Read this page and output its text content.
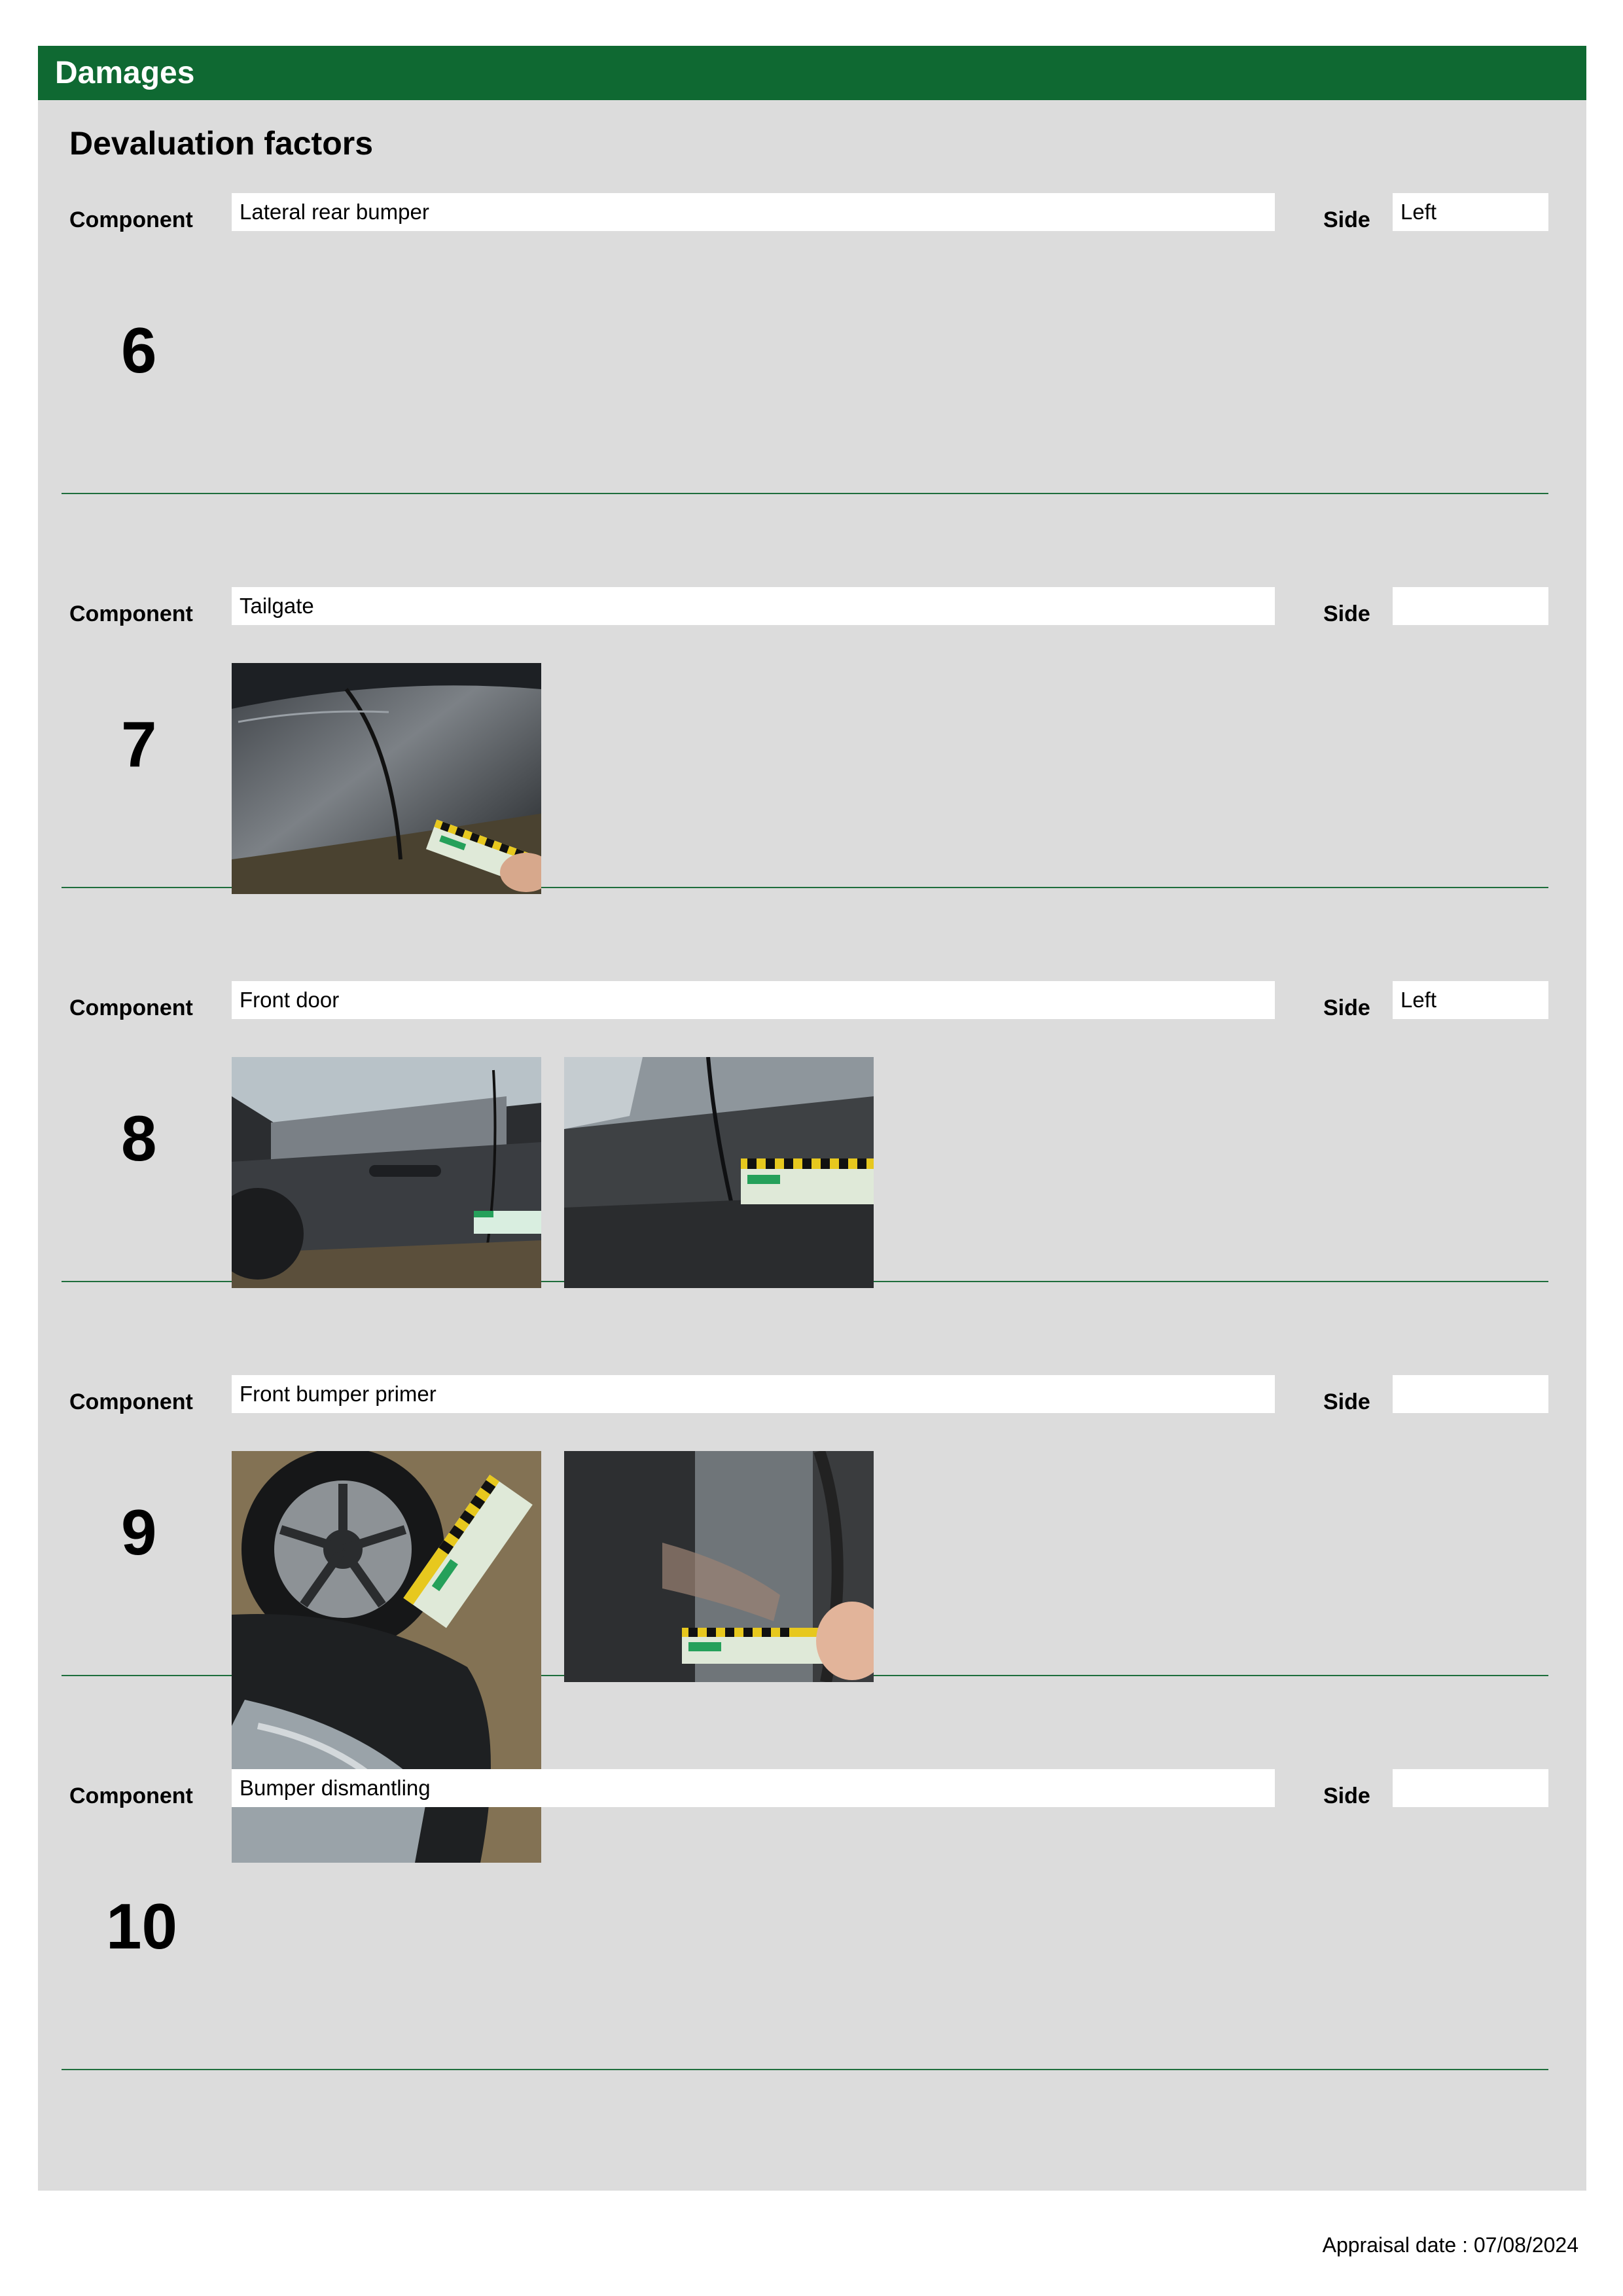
Damages
Devaluation factors
Component	Lateral rear bumper	Side	Left
6
Component	Tailgate	Side
7
Component	Front door	Side	Left
8
Component	Front bumper primer	Side
9
Component	Bumper dismantling	Side
10
Appraisal date : 07/08/2024
